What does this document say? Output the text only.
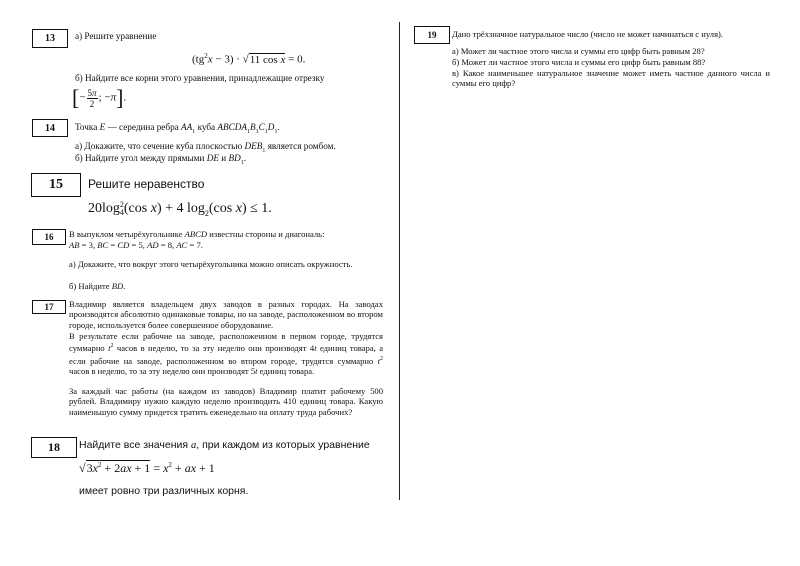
13 а) Решите уравнение
$(tg^2x - 3) \cdot √11$ cos x = 0.
б) Найдите все корни этого уравнения, принадлежащие отрезку
[− $\frac{5\pi}{2}$ ; −π].
14 Точка E — середина ребра $AA_1$ куба $ABCDA_1B_1C_1D_1$.
а) Докажите, что сечение куба плоскостью $DEB_1$ является ромбом.
б) Найдите угол между прямыми DE и $BD_1$.
15 Решите неравенство
20log 2
4 (cos x) + 4 $\log_2(\cos$ x) ≤ 1.
16 В выпуклом четырёхугольнике ABCD известны стороны и диагональ:
AB = 3, BC = CD = 5, AD = 8, AC = 7.
а) Докажите, что вокруг этого четырёхугольника можно описать окружность.
б) Найдите BD.
17 Владимир является владельцем двух заводов в разных городах. На заводах производятся абсолютно одинаковые товары, но на заводе, расположенном во втором городе, используется более совершенное оборудование.
В результате если рабочие на заводе, расположенном в первом городе, трудятся суммарно $t^2$ часов в неделю, то за эту неделю они производят 4t единиц товара, а если рабочие на заводе, расположенном во втором городе, трудятся суммарно $t^2$ часов в неделю, то за эту неделю они производят 5t единиц товара.
За каждый час работы (на каждом из заводов) Владимир платит рабочему 500 рублей. Владимиру нужно каждую неделю производить 410 единиц товара. Какую наименьшую сумму придется тратить еженедельно на оплату труда рабочих?
18 Найдите все значения a, при каждом из которых уравнение
$√3x^2 + 2ax + 1 = x^2$ + ax + 1
имеет ровно три различных корня.
19 Дано трёхзначное натуральное число (число не может начинаться с нуля).
а) Может ли частное этого числа и суммы его цифр быть равным 28?
б) Может ли частное этого числа и суммы его цифр быть равным 88?
в) Какое наименьшее натуральное значение может иметь частное данного числа и суммы его цифр?
